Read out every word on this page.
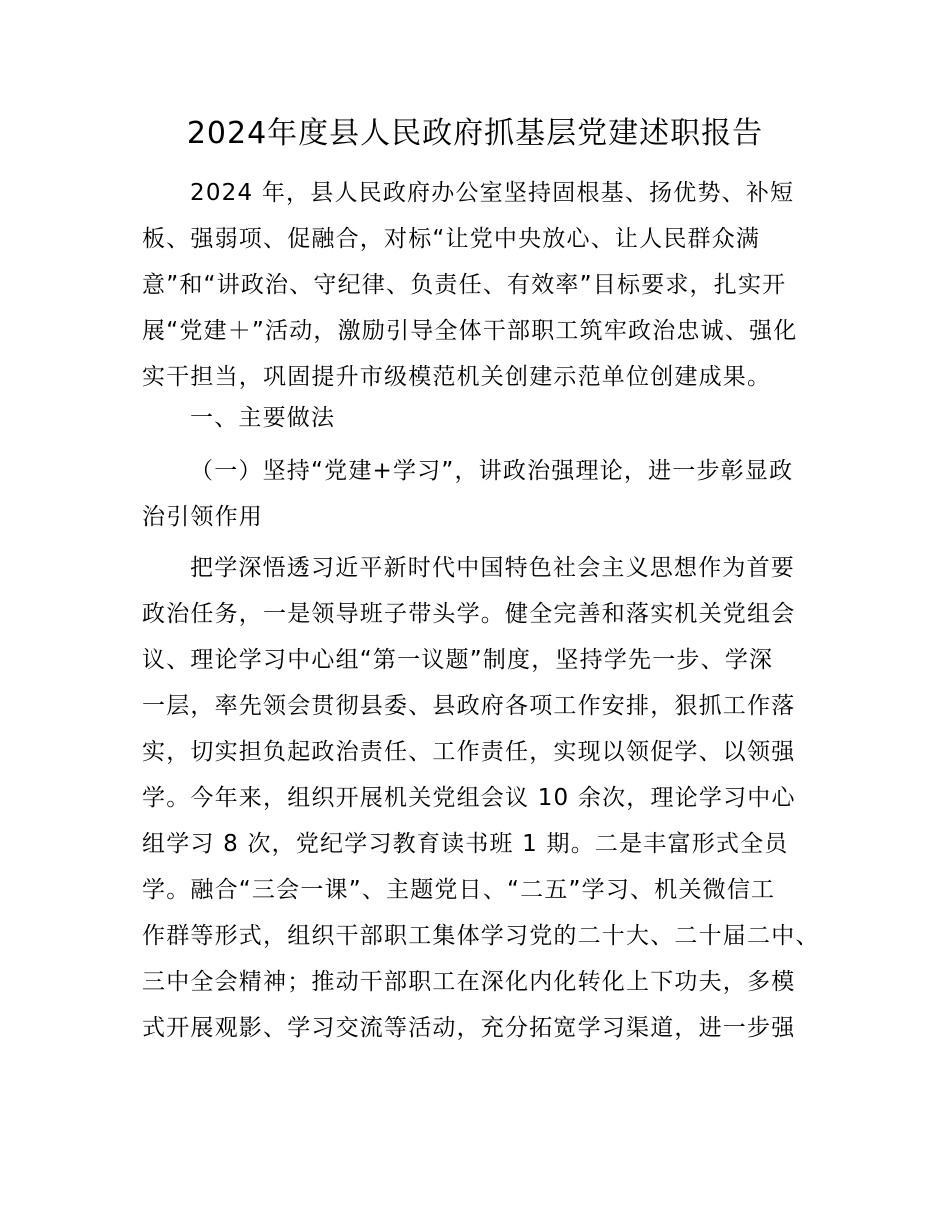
2024年度县人民政府抓基层党建述职报告
2024 年，县人民政府办公室坚持固根基、扬优势、补短
板、强弱项、促融合，对标“让党中央放心、让人民群众满
意”和“讲政治、守纪律、负责任、有效率”目标要求，扎实开
展“党建＋”活动，激励引导全体干部职工筑牢政治忠诚、强化
实干担当，巩固提升市级模范机关创建示范单位创建成果。
一、主要做法
（一）坚持“党建+学习”，讲政治强理论，进一步彰显政
治引领作用
把学深悟透习近平新时代中国特色社会主义思想作为首要
政治任务，一是领导班子带头学。健全完善和落实机关党组会
议、理论学习中心组“第一议题”制度，坚持学先一步、学深
一层，率先领会贯彻县委、县政府各项工作安排，狠抓工作落
实，切实担负起政治责任、工作责任，实现以领促学、以领强
学。今年来，组织开展机关党组会议 10 余次，理论学习中心
组学习 8 次，党纪学习教育读书班 1 期。二是丰富形式全员
学。融合“三会一课”、主题党日、“二五”学习、机关微信工
作群等形式，组织干部职工集体学习党的二十大、二十届二中、
三中全会精神；推动干部职工在深化内化转化上下功夫，多模
式开展观影、学习交流等活动，充分拓宽学习渠道，进一步强
